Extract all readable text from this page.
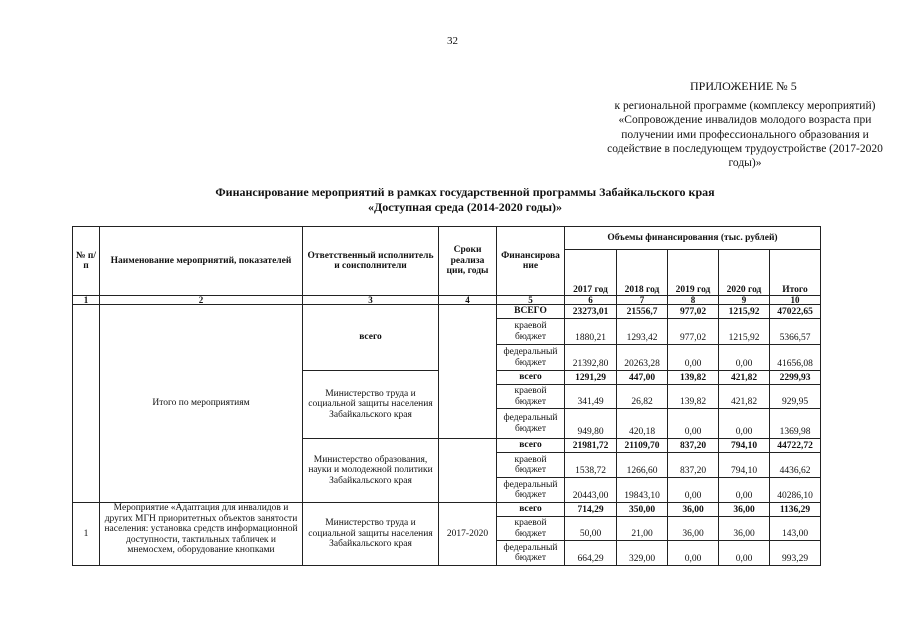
32
ПРИЛОЖЕНИЕ № 5
к региональной программе (комплексу мероприятий) «Сопровождение инвалидов молодого возраста при получении ими профессионального образования и содействие в последующем трудоустройстве (2017-2020 годы)»
Финансирование мероприятий в рамках государственной программы Забайкальского края
«Доступная среда (2014-2020 годы)»
№ п/п	Наименование мероприятий, показателей	Ответственный исполнитель и соисполнители	Сроки реализа ции, годы	Финансирова ние	Объемы финансирования (тыс. рублей)				
					2017 год	2018 год	2019 год	2020 год	Итого
1	2	3	4	5	6	7	8	9	10
	Итого по мероприятиям	всего		ВСЕГО	23273,01	21556,7	977,02	1215,92	47022,65
				краевой бюджет	1880,21	1293,42	977,02	1215,92	5366,57
				федеральный бюджет	21392,80	20263,28	0,00	0,00	41656,08
		Министерство труда и социальной защиты населения Забайкальского края		всего	1291,29	447,00	139,82	421,82	2299,93
				краевой бюджет	341,49	26,82	139,82	421,82	929,95
				федеральный бюджет	949,80	420,18	0,00	0,00	1369,98
		Министерство образования, науки и молодежной политики Забайкальского края		всего	21981,72	21109,70	837,20	794,10	44722,72
				краевой бюджет	1538,72	1266,60	837,20	794,10	4436,62
				федеральный бюджет	20443,00	19843,10	0,00	0,00	40286,10
1	Мероприятие «Адаптация для инвалидов и других МГН приоритетных объектов занятости населения: установка средств информационной доступности, тактильных табличек и мнемосхем, оборудование кнопками	Министерство труда и социальной защиты населения Забайкальского края	2017-2020	всего	714,29	350,00	36,00	36,00	1136,29
				краевой бюджет	50,00	21,00	36,00	36,00	143,00
				федеральный бюджет	664,29	329,00	0,00	0,00	993,29
